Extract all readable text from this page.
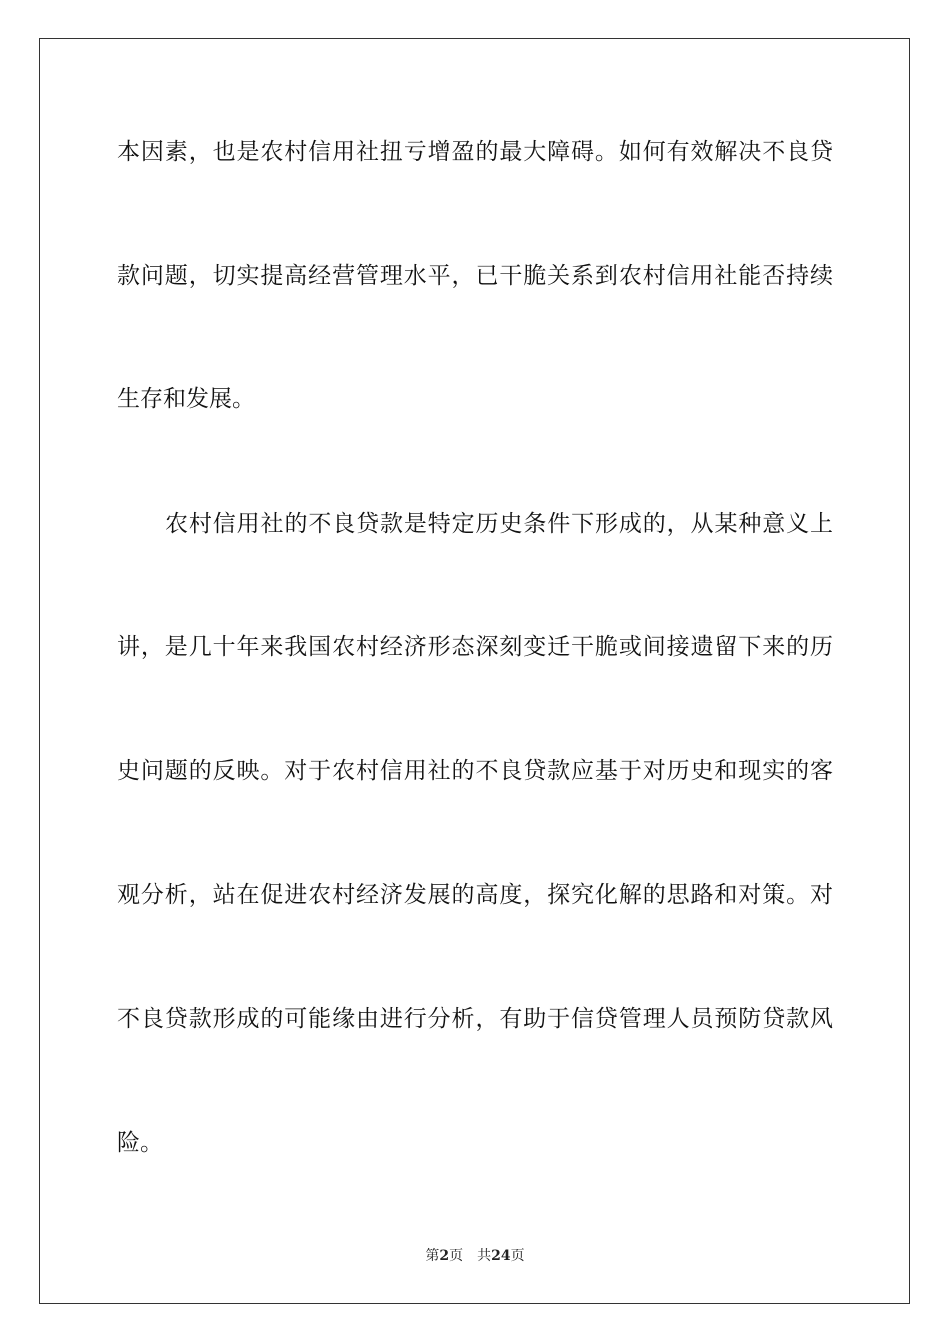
本因素，也是农村信用社扭亏增盈的最大障碍。如何有效解决不良贷
款问题，切实提高经营管理水平，已干脆关系到农村信用社能否持续
生存和发展。
农村信用社的不良贷款是特定历史条件下形成的，从某种意义上
讲，是几十年来我国农村经济形态深刻变迁干脆或间接遗留下来的历
史问题的反映。对于农村信用社的不良贷款应基于对历史和现实的客
观分析，站在促进农村经济发展的高度，探究化解的思路和对策。对
不良贷款形成的可能缘由进行分析，有助于信贷管理人员预防贷款风
险。
第2页 共24页
